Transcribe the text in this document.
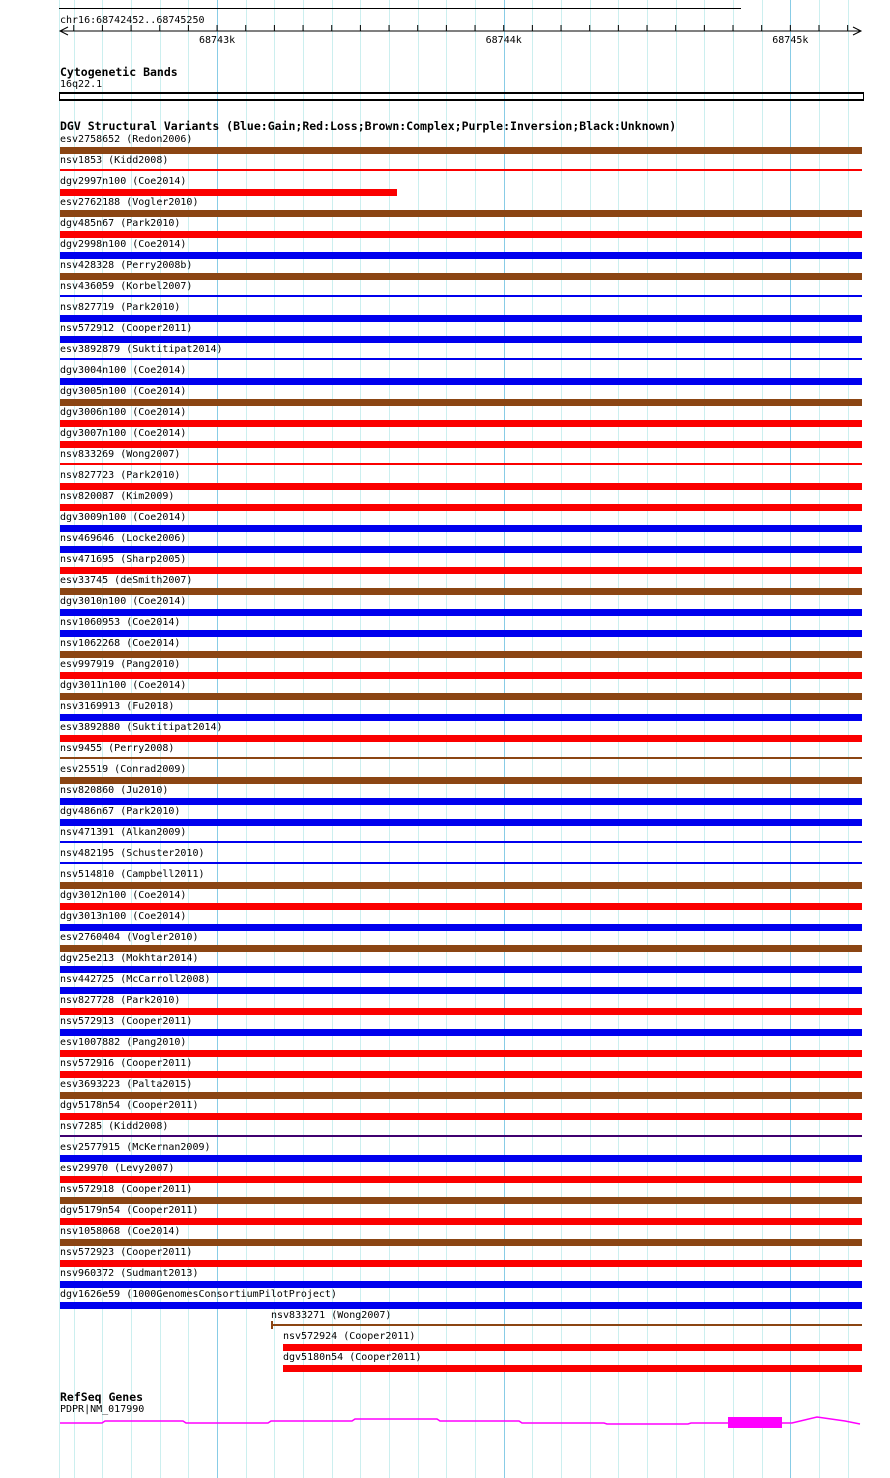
chr16:68742452..68745250
68743k	68744k	68745k
Cytogenetic Bands
16q22.1
DGV Structural Variants (Blue:Gain;Red:Loss;Brown:Complex;Purple:Inversion;Black:Unknown)
esv2758652 (Redon2006)
nsv1853 (Kidd2008)
dgv2997n100 (Coe2014)
esv2762188 (Vogler2010)
dgv485n67 (Park2010)
dgv2998n100 (Coe2014)
nsv428328 (Perry2008b)
nsv436059 (Korbel2007)
nsv827719 (Park2010)
nsv572912 (Cooper2011)
esv3892879 (Suktitipat2014)
dgv3004n100 (Coe2014)
dgv3005n100 (Coe2014)
dgv3006n100 (Coe2014)
dgv3007n100 (Coe2014)
nsv833269 (Wong2007)
nsv827723 (Park2010)
nsv820087 (Kim2009)
dgv3009n100 (Coe2014)
nsv469646 (Locke2006)
nsv471695 (Sharp2005)
esv33745 (deSmith2007)
dgv3010n100 (Coe2014)
nsv1060953 (Coe2014)
nsv1062268 (Coe2014)
esv997919 (Pang2010)
dgv3011n100 (Coe2014)
nsv3169913 (Fu2018)
esv3892880 (Suktitipat2014)
nsv9455 (Perry2008)
esv25519 (Conrad2009)
nsv820860 (Ju2010)
dgv486n67 (Park2010)
nsv471391 (Alkan2009)
nsv482195 (Schuster2010)
nsv514810 (Campbell2011)
dgv3012n100 (Coe2014)
dgv3013n100 (Coe2014)
esv2760404 (Vogler2010)
dgv25e213 (Mokhtar2014)
nsv442725 (McCarroll2008)
nsv827728 (Park2010)
nsv572913 (Cooper2011)
esv1007882 (Pang2010)
nsv572916 (Cooper2011)
esv3693223 (Palta2015)
dgv5178n54 (Cooper2011)
nsv7285 (Kidd2008)
esv2577915 (McKernan2009)
esv29970 (Levy2007)
nsv572918 (Cooper2011)
dgv5179n54 (Cooper2011)
nsv1058068 (Coe2014)
nsv572923 (Cooper2011)
nsv960372 (Sudmant2013)
dgv1626e59 (1000GenomesConsortiumPilotProject)
nsv833271 (Wong2007)
nsv572924 (Cooper2011)
dgv5180n54 (Cooper2011)
RefSeq Genes
PDPR|NM_017990
